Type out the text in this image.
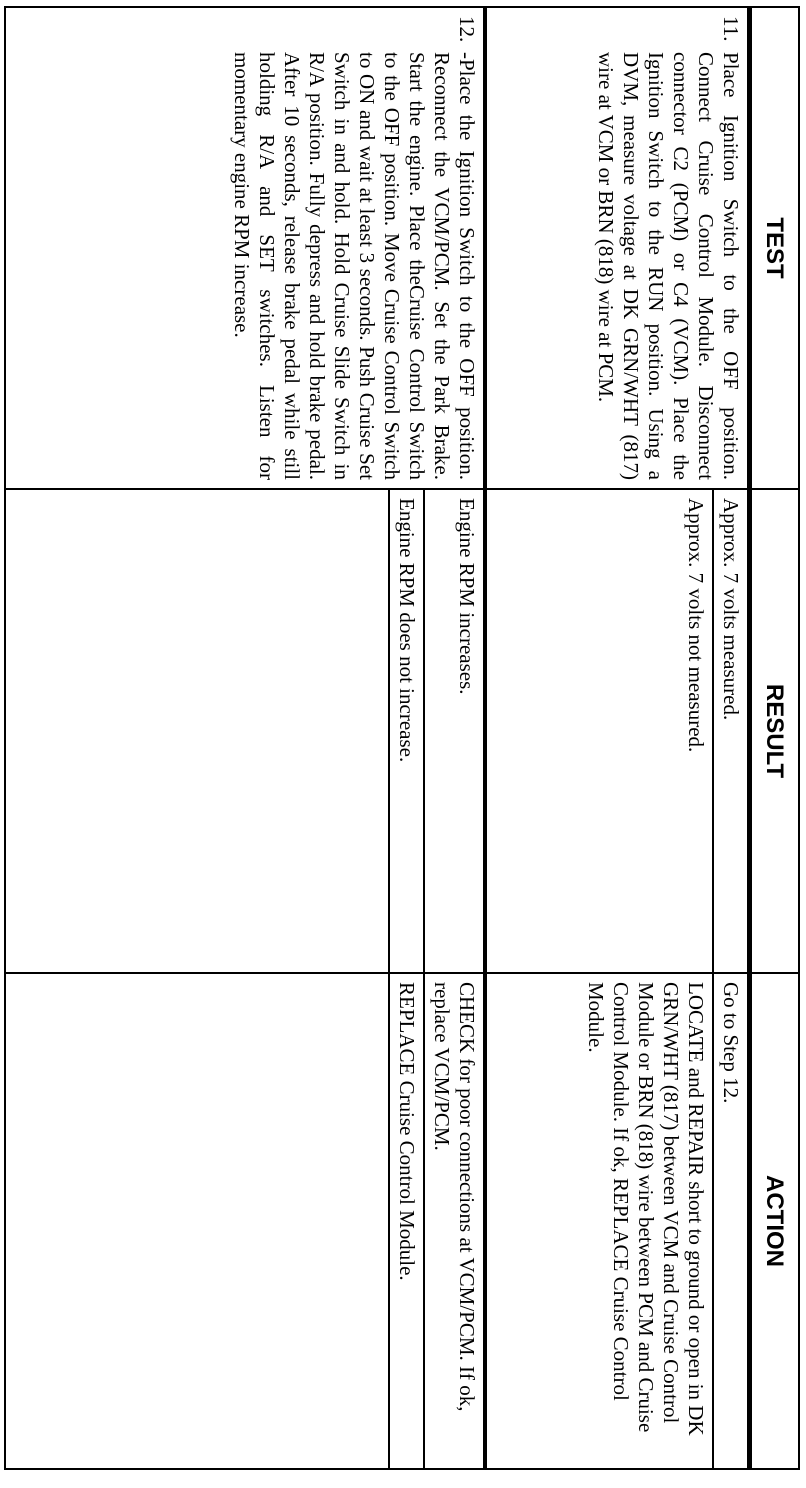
TEST	RESULT	ACTION

11.
Place Ignition Switch to the OFF position. Connect Cruise Control Module. Disconnect connector C2 (PCM) or C4 (VCM). Place the Ignition Switch to the RUN position. Using a DVM, measure voltage at DK GRN/WHT (817) wire at VCM or BRN (818) wire at PCM.	Approx. 7 volts measured.	Go to Step 12.
	Approx. 7 volts not measured.	LOCATE and REPAIR short to ground or open in DK GRN/WHT (817) between VCM and Cruise Control Module or BRN (818) wire between PCM and Cruise Control Module. If ok, REPLACE Cruise Control Module.

12.
-Place the Ignition Switch to the OFF position. Reconnect the VCM/PCM. Set the Park Brake. Start the engine. Place theCruise Control Switch to the OFF position. Move Cruise Control Switch to ON and wait at least 3 seconds. Push Cruise Set Switch in and hold. Hold Cruise Slide Switch in R/A position. Fully depress and hold brake pedal. After 10 seconds, release brake pedal while still holding R/A and SET switches. Listen for momentary engine RPM increase.	Engine RPM increases.	CHECK for poor connections at VCM/PCM. If ok, replace VCM/PCM.
	Engine RPM does not increase.	REPLACE Cruise Control Module.
